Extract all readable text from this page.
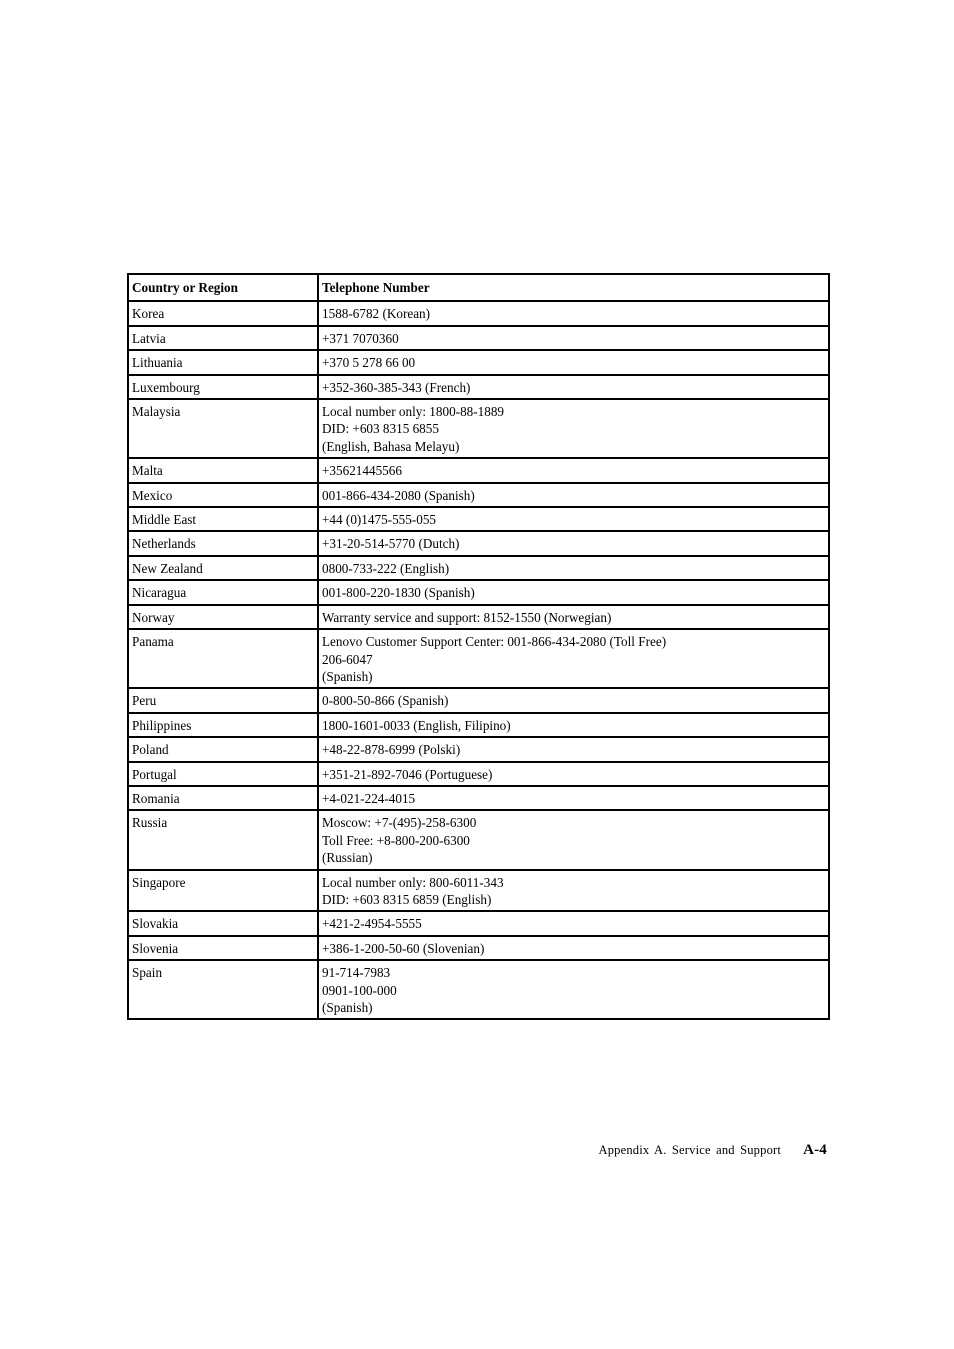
Country or Region	Telephone Number
Korea	1588-6782 (Korean)
Latvia	+371 7070360
Lithuania	+370 5 278 66 00
Luxembourg	+352-360-385-343 (French)
Malaysia	Local number only: 1800-88-1889
DID: +603 8315 6855
(English, Bahasa Melayu)
Malta	+35621445566
Mexico	001-866-434-2080 (Spanish)
Middle East	+44 (0)1475-555-055
Netherlands	+31-20-514-5770 (Dutch)
New Zealand	0800-733-222 (English)
Nicaragua	001-800-220-1830 (Spanish)
Norway	Warranty service and support: 8152-1550 (Norwegian)
Panama	Lenovo Customer Support Center: 001-866-434-2080 (Toll Free)
206-6047
(Spanish)
Peru	0-800-50-866 (Spanish)
Philippines	1800-1601-0033 (English, Filipino)
Poland	+48-22-878-6999 (Polski)
Portugal	+351-21-892-7046 (Portuguese)
Romania	+4-021-224-4015
Russia	Moscow: +7-(495)-258-6300
Toll Free: +8-800-200-6300
(Russian)
Singapore	Local number only: 800-6011-343
DID: +603 8315 6859 (English)
Slovakia	+421-2-4954-5555
Slovenia	+386-1-200-50-60 (Slovenian)
Spain	91-714-7983
0901-100-000
(Spanish)
Appendix A. Service and Support A-4
